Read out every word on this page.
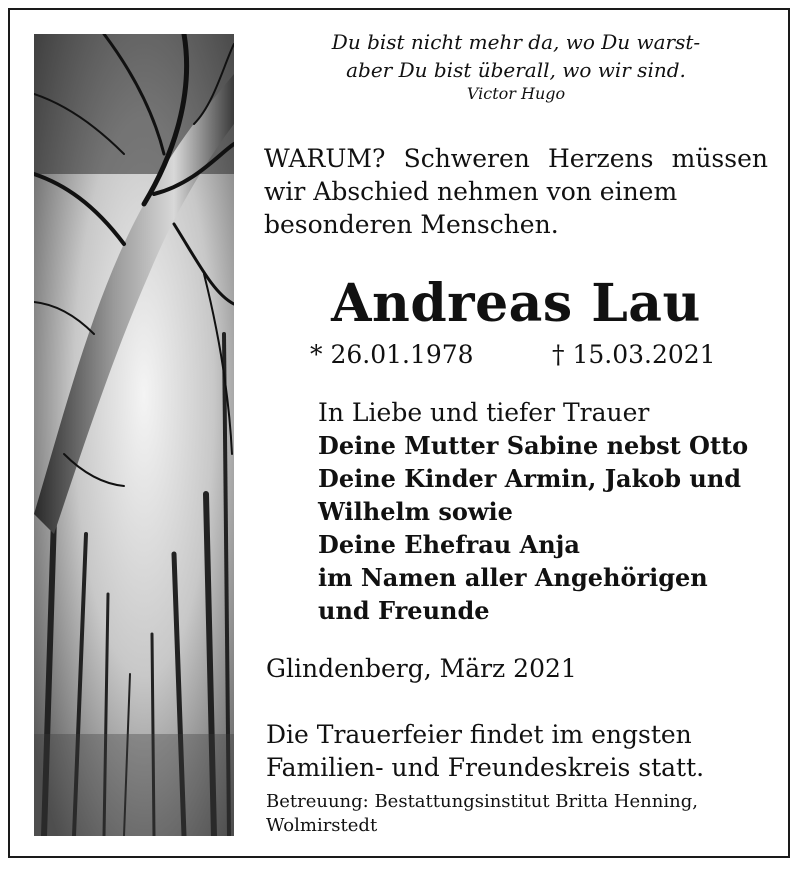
Du bist nicht mehr da, wo Du warst-
aber Du bist überall, wo wir sind.
Victor Hugo
WARUM? Schweren Herzens müssen
wir Abschied nehmen von einem
besonderen Menschen.
Andreas Lau
* 26.01.1978	† 15.03.2021
In Liebe und tiefer Trauer
Deine Mutter Sabine nebst Otto
Deine Kinder Armin, Jakob und
Wilhelm sowie
Deine Ehefrau Anja
im Namen aller Angehörigen
und Freunde
Glindenberg, März 2021
Die Trauerfeier findet im engsten
Familien- und Freundeskreis statt.
Betreuung: Bestattungsinstitut Britta Henning,
Wolmirstedt
